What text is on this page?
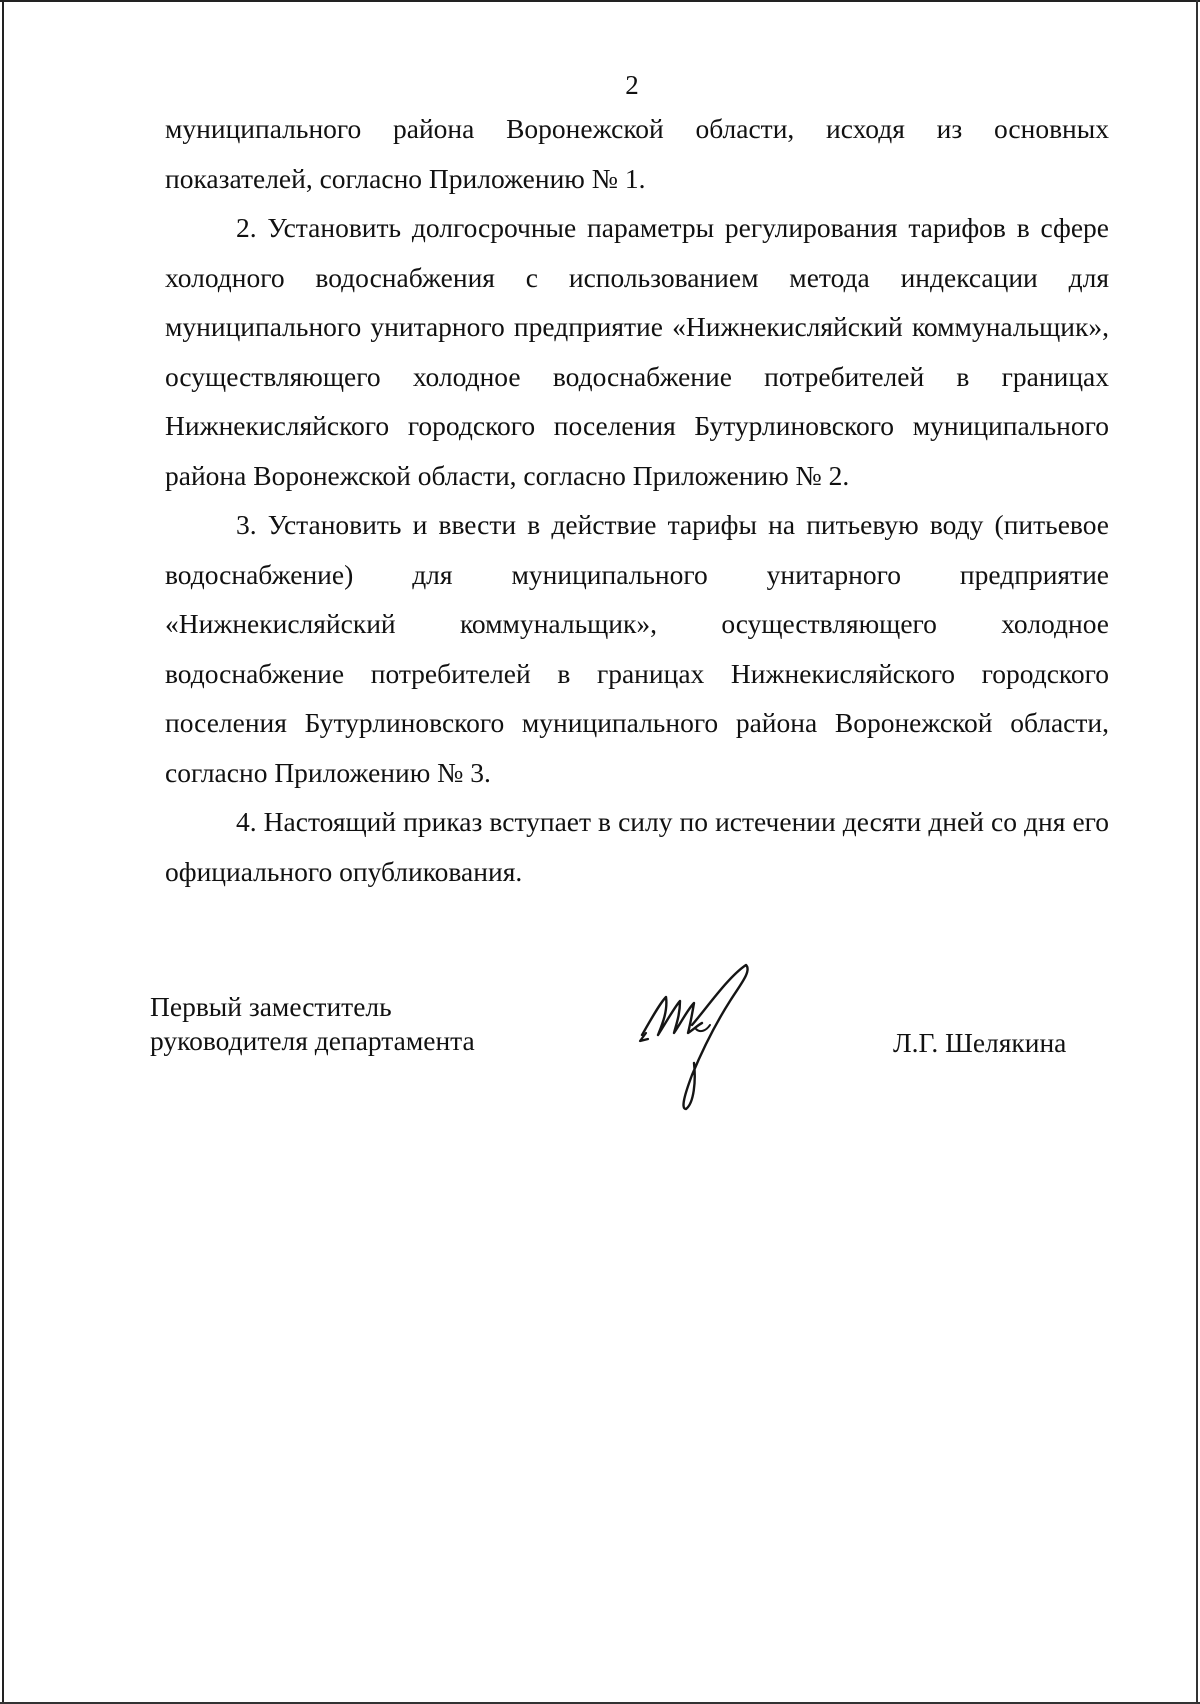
2

муниципального района Воронежской области, исходя из основных показателей, согласно Приложению № 1.

2. Установить долгосрочные параметры регулирования тарифов в сфере холодного водоснабжения с использованием метода индексации для муниципального унитарного предприятие «Нижнекисляйский коммунальщик», осуществляющего холодное водоснабжение потребителей в границах Нижнекисляйского городского поселения Бутурлиновского муниципального района Воронежской области, согласно Приложению № 2.

3. Установить и ввести в действие тарифы на питьевую воду (питьевое водоснабжение) для муниципального унитарного предприятие «Нижнекисляйский коммунальщик», осуществляющего холодное водоснабжение потребителей в границах Нижнекисляйского городского поселения Бутурлиновского муниципального района Воронежской области, согласно Приложению № 3.

4. Настоящий приказ вступает в силу по истечении десяти дней со дня его официального опубликования.

Первый заместитель
руководителя департамента	Л.Г. Шелякина
